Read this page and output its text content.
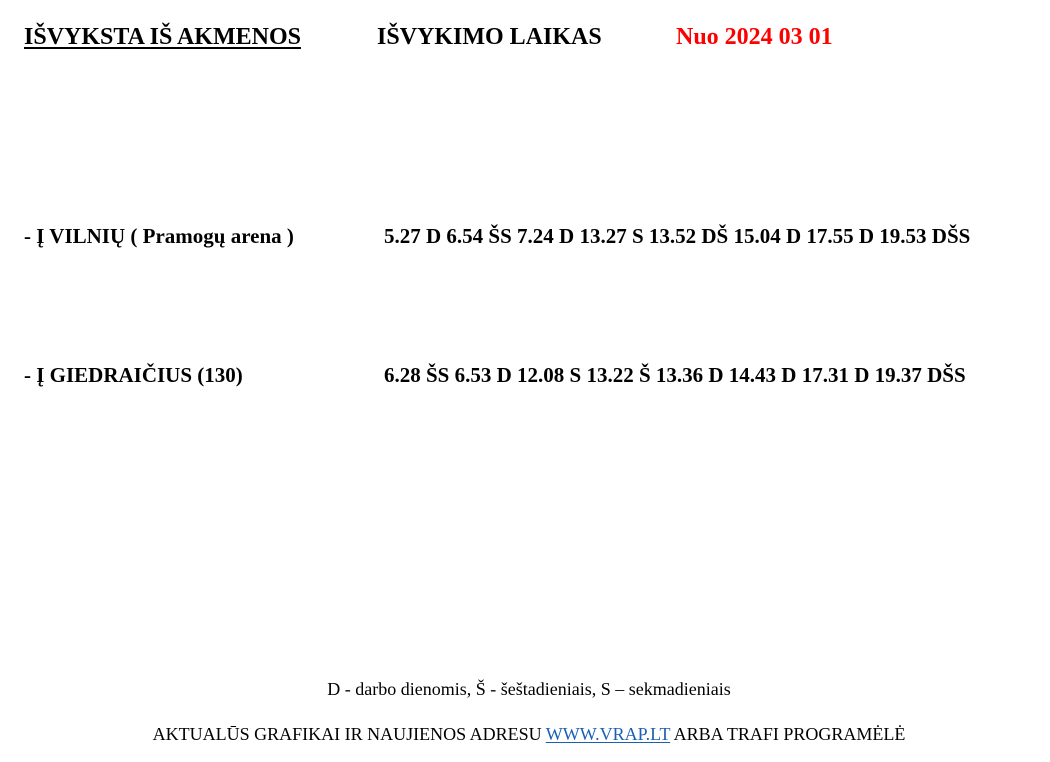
IŠVYKSTA IŠ AKMENOS	IŠVYKIMO LAIKAS	Nuo 2024 03 01
- Į VILNIŲ ( Pramogų arena )	5.27 D 6.54 ŠS 7.24 D 13.27 S 13.52 DŠ 15.04 D 17.55 D 19.53 DŠS
- Į GIEDRAIČIUS (130)	6.28 ŠS 6.53 D 12.08 S 13.22 Š 13.36 D 14.43 D 17.31 D 19.37 DŠS
D - darbo dienomis, Š - šeštadieniais, S – sekmadieniais
AKTUALŪS GRAFIKAI IR NAUJIENOS ADRESU WWW.VRAP.LT ARBA TRAFI PROGRAMĖLĖ
